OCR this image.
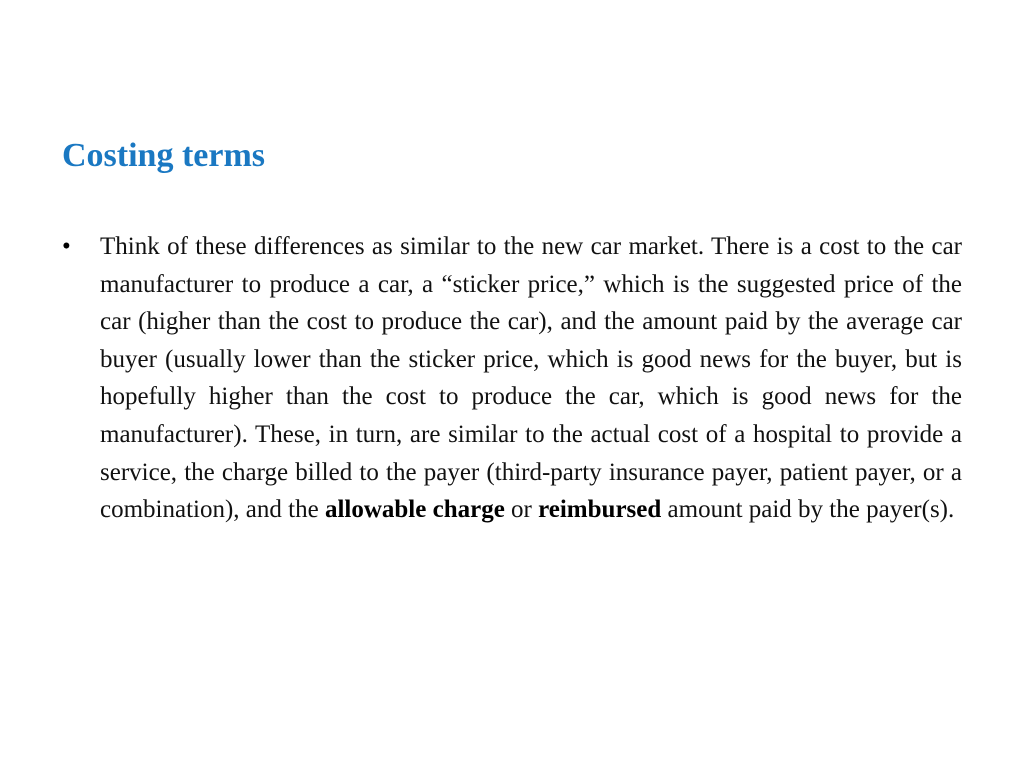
Costing terms
• Think of these differences as similar to the new car market. There is a cost to the car manufacturer to produce a car, a “sticker price,” which is the suggested price of the car (higher than the cost to produce the car), and the amount paid by the average car buyer (usually lower than the sticker price, which is good news for the buyer, but is hopefully higher than the cost to produce the car, which is good news for the manufacturer). These, in turn, are similar to the actual cost of a hospital to provide a service, the charge billed to the payer (third-party insurance payer, patient payer, or a combination), and the allowable charge or reimbursed amount paid by the payer(s).
